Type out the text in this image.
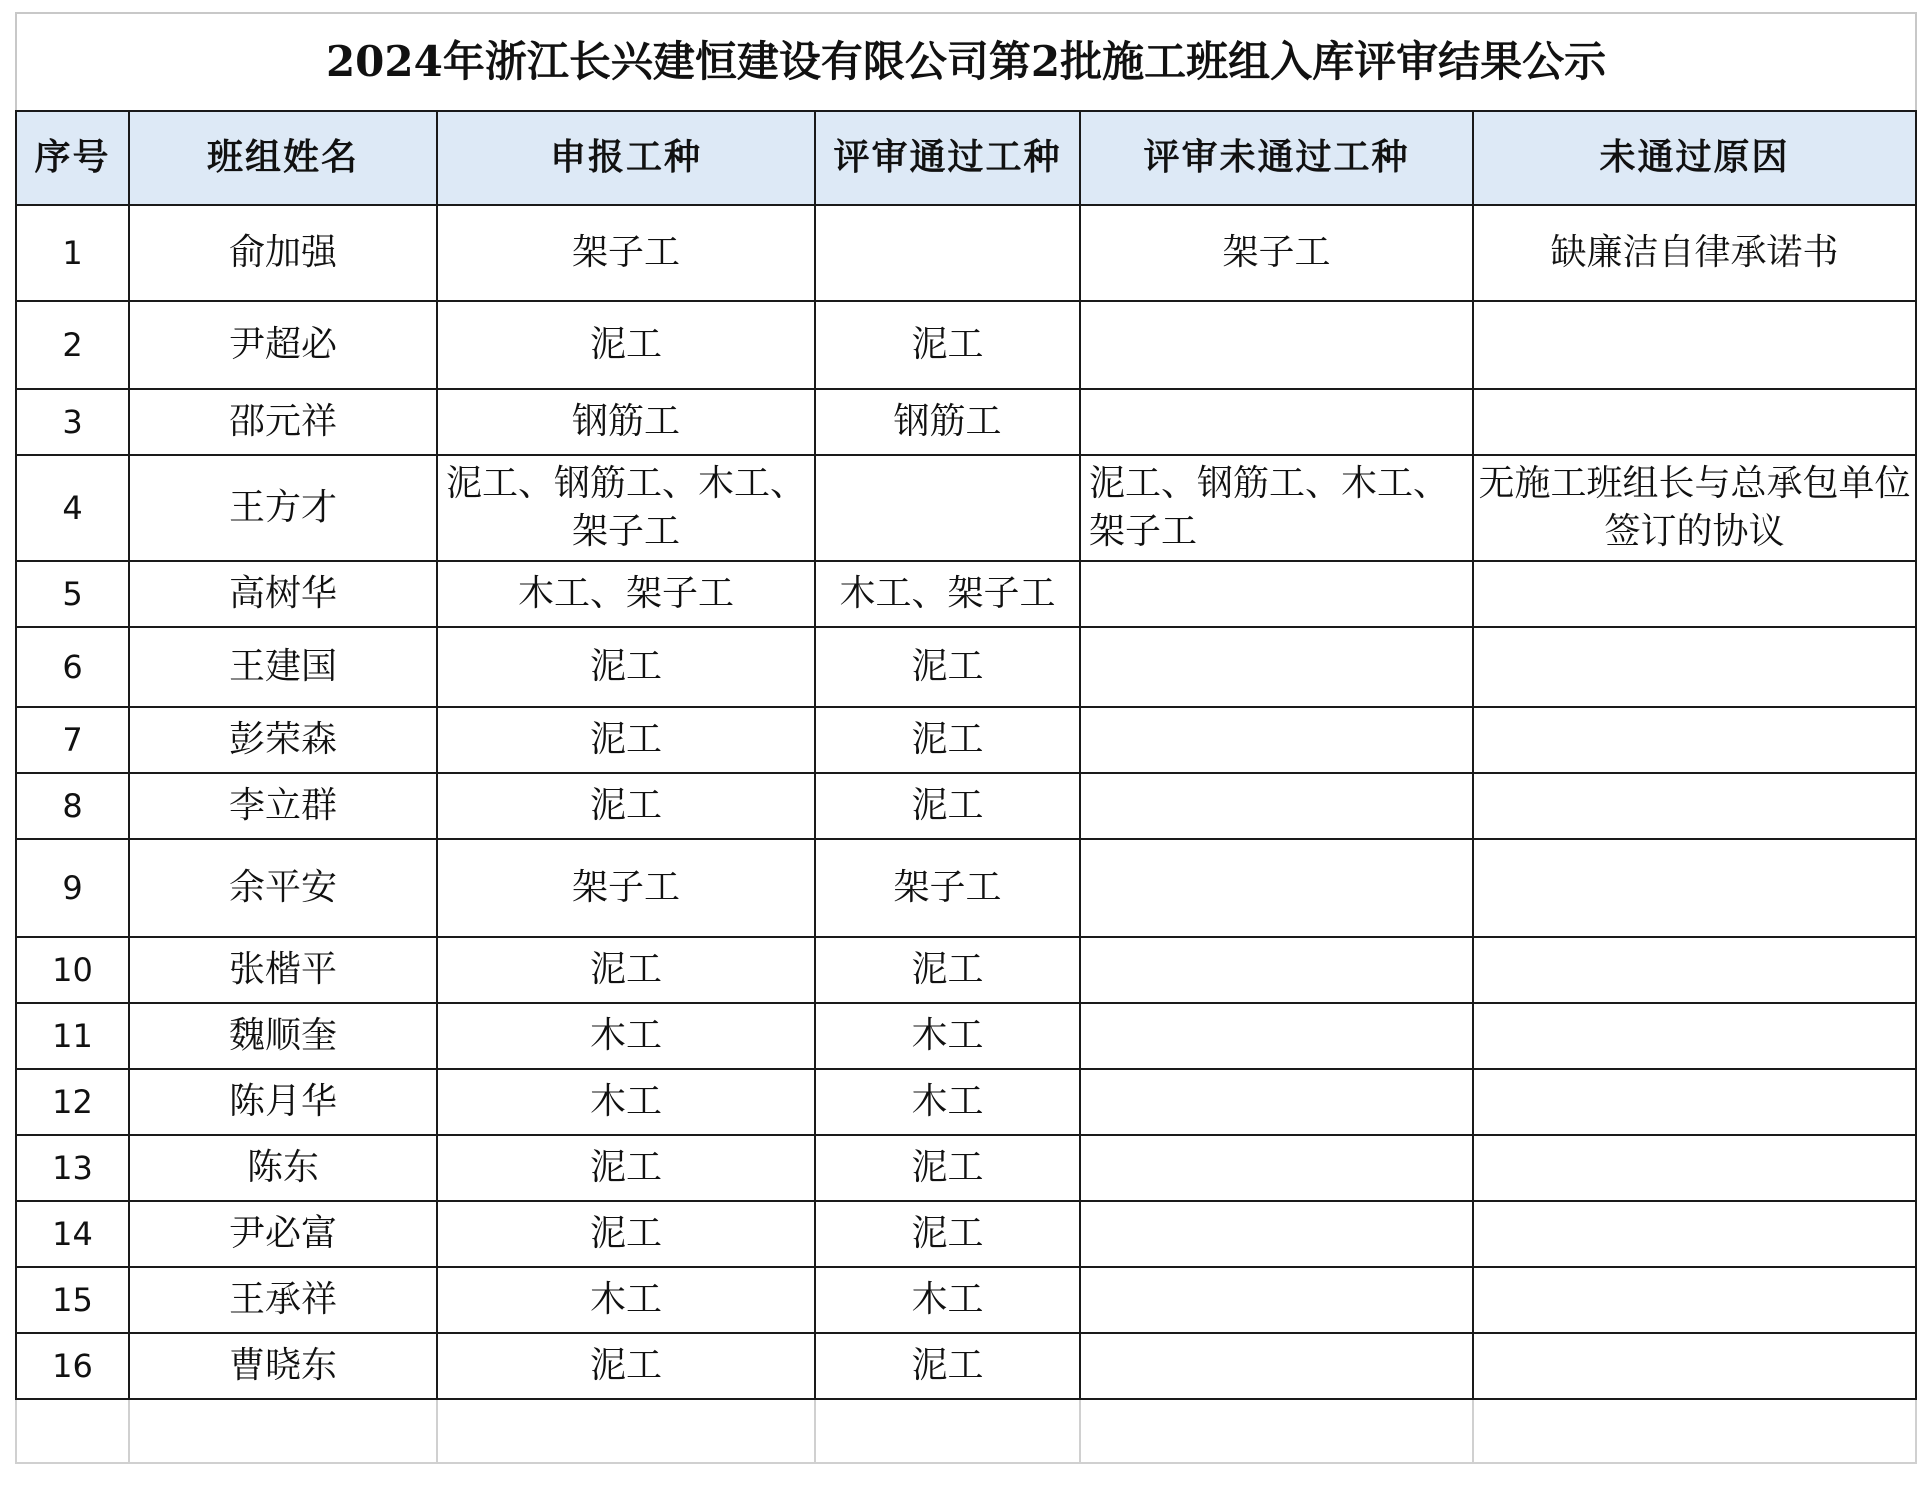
2024年浙江长兴建恒建设有限公司第2批施工班组入库评审结果公示					
序号	班组姓名	申报工种	评审通过工种	评审未通过工种	未通过原因
1	俞加强	架子工		架子工	缺廉洁自律承诺书
2	尹超必	泥工	泥工		
3	邵元祥	钢筋工	钢筋工		
4	王方才	泥工、钢筋工、木工、架子工		泥工、钢筋工、木工、架子工	无施工班组长与总承包单位签订的协议
5	高树华	木工、架子工	木工、架子工		
6	王建国	泥工	泥工		
7	彭荣森	泥工	泥工		
8	李立群	泥工	泥工		
9	余平安	架子工	架子工		
10	张楷平	泥工	泥工		
11	魏顺奎	木工	木工		
12	陈月华	木工	木工		
13	陈东	泥工	泥工		
14	尹必富	泥工	泥工		
15	王承祥	木工	木工		
16	曹晓东	泥工	泥工		
